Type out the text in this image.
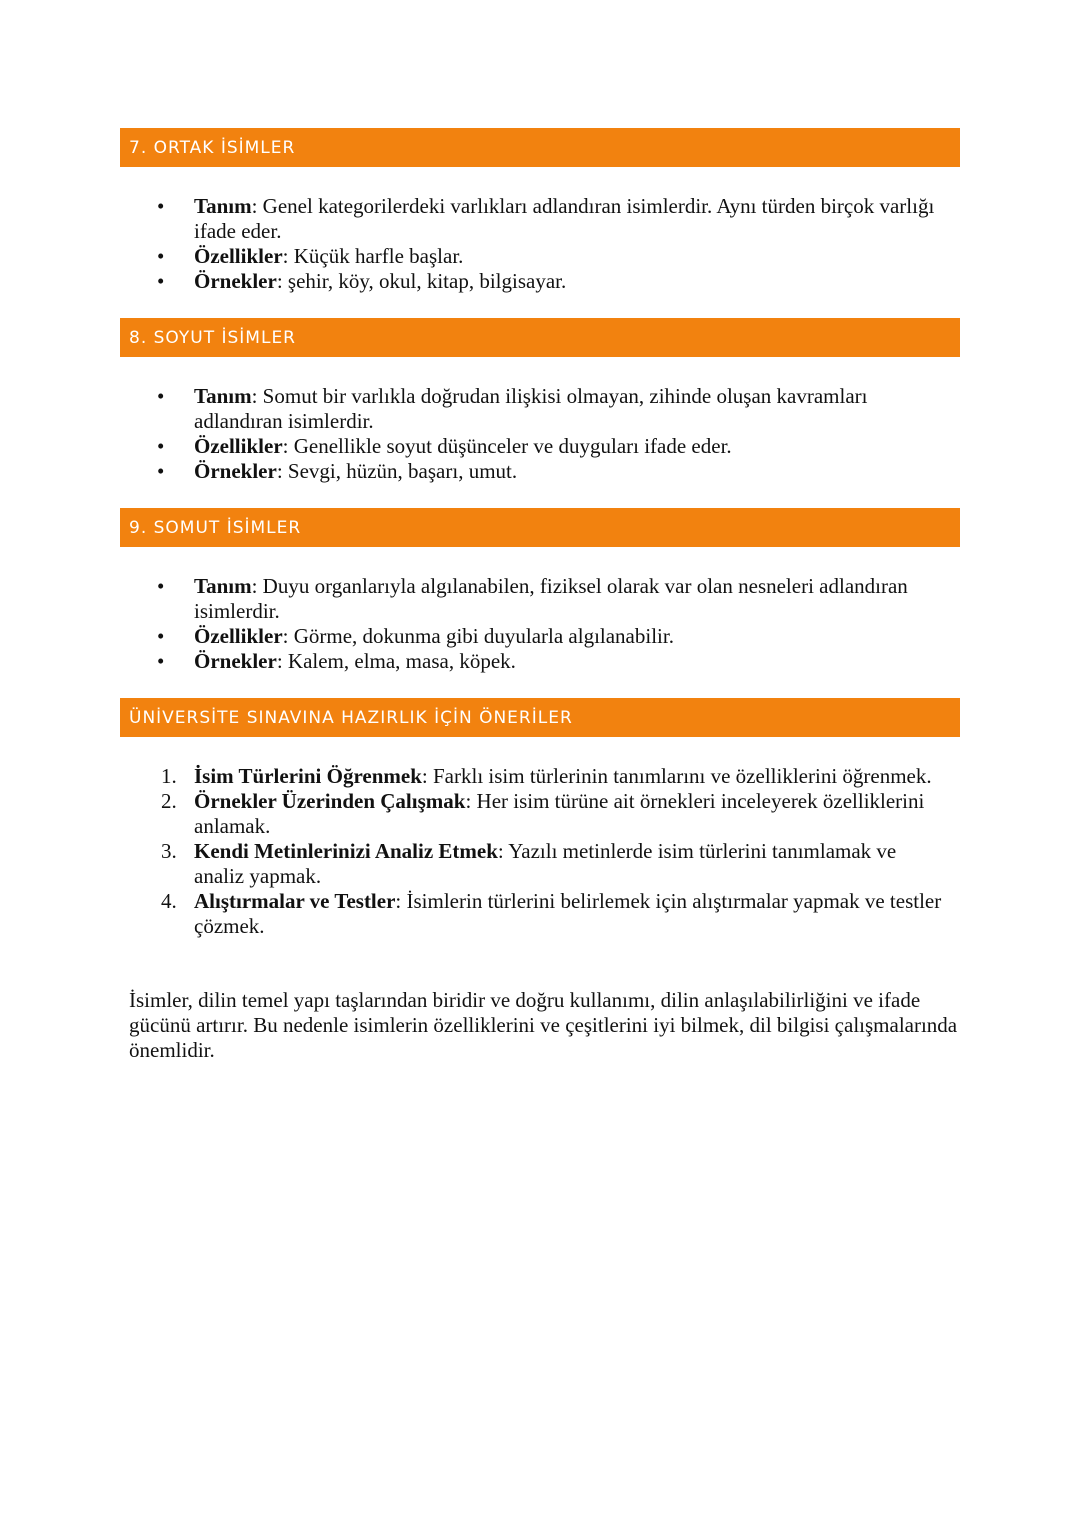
7. ORTAK İSİMLER
• Tanım: Genel kategorilerdeki varlıkları adlandıran isimlerdir. Aynı türden birçok varlığı ifade eder.
• Özellikler: Küçük harfle başlar.
• Örnekler: şehir, köy, okul, kitap, bilgisayar.
8. SOYUT İSİMLER
• Tanım: Somut bir varlıkla doğrudan ilişkisi olmayan, zihinde oluşan kavramları adlandıran isimlerdir.
• Özellikler: Genellikle soyut düşünceler ve duyguları ifade eder.
• Örnekler: Sevgi, hüzün, başarı, umut.
9. SOMUT İSİMLER
• Tanım: Duyu organlarıyla algılanabilen, fiziksel olarak var olan nesneleri adlandıran isimlerdir.
• Özellikler: Görme, dokunma gibi duyularla algılanabilir.
• Örnekler: Kalem, elma, masa, köpek.
ÜNİVERSİTE SINAVINA HAZIRLIK İÇİN ÖNERİLER
1. İsim Türlerini Öğrenmek: Farklı isim türlerinin tanımlarını ve özelliklerini öğrenmek.
2. Örnekler Üzerinden Çalışmak: Her isim türüne ait örnekleri inceleyerek özelliklerini anlamak.
3. Kendi Metinlerinizi Analiz Etmek: Yazılı metinlerde isim türlerini tanımlamak ve analiz yapmak.
4. Alıştırmalar ve Testler: İsimlerin türlerini belirlemek için alıştırmalar yapmak ve testler çözmek.

İsimler, dilin temel yapı taşlarından biridir ve doğru kullanımı, dilin anlaşılabilirliğini ve ifade gücünü artırır. Bu nedenle isimlerin özelliklerini ve çeşitlerini iyi bilmek, dil bilgisi çalışmalarında önemlidir.
